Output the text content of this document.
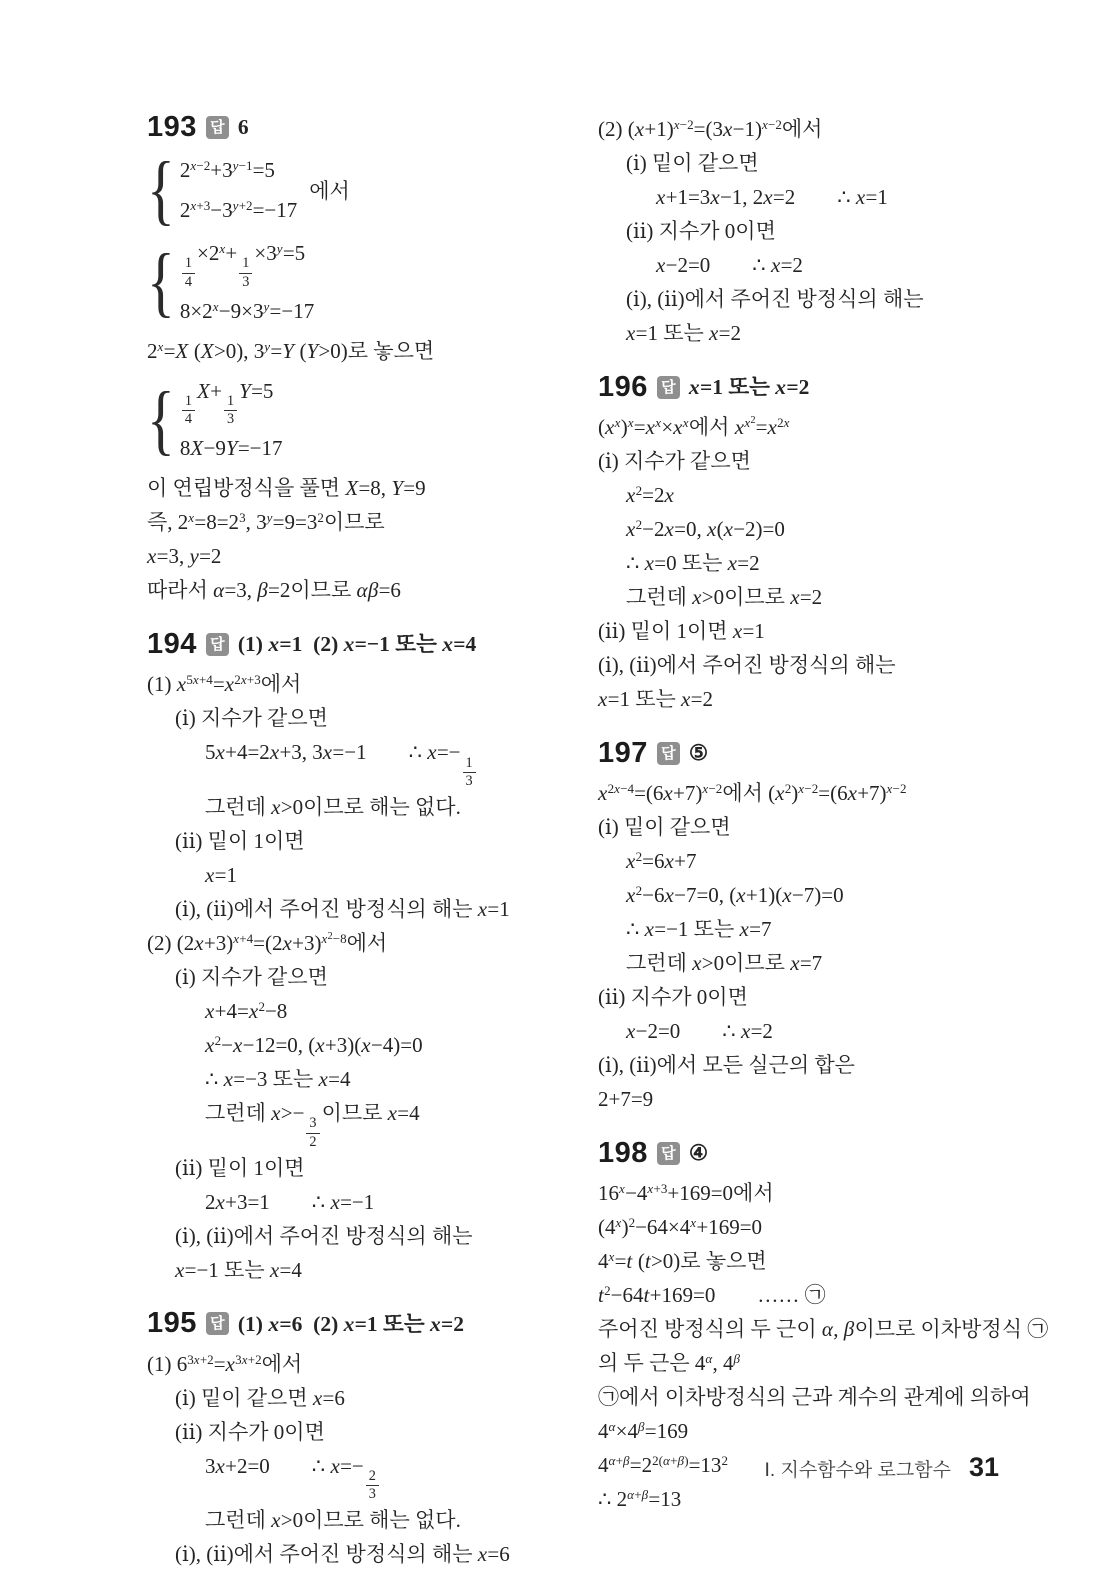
193 답 6
{ $2^{x-2}+3^{y-1}=5$
$2^{x+3}-3^{y+2}=-17$
에서
{ $\frac{1}{4}$
$\times 2^x+$
$\frac{1}{3}$
$\times 3^y=5$
$8\times 2^x-9\times 3^y=-17$
$2^x=X$ (X>0), $3^y=Y$ (Y>0)로 놓으면
{ $\frac{1}{4}$
X+
$\frac{1}{3}$
Y=5
8X−9Y=−17
이 연립방정식을 풀면 X=8, Y=9
즉, $2^x=8=2^3$, $3^y=9=3^2$이므로
x=3, y=2
따라서 α=3, β=2이므로 αβ=6
194 답 (1) x=1 (2) x=−1 또는 x=4
(1) $x^{5x+4}=x^{2x+3}$에서
(ⅰ) 지수가 같으면
5x+4=2x+3, 3x=−1  ∴ x=−
$\frac{1}{3}$
그런데 x>0이므로 해는 없다.
(ⅱ) 밑이 1이면
x=1
(ⅰ), (ⅱ)에서 주어진 방정식의 해는 x=1
(2) $(2x+3)^{x+4}=(2x+3)^{x^2-8}$에서
(ⅰ) 지수가 같으면
$x+4=x^2-8$
$x^2-x-12=0$, (x+3)(x−4)=0
∴ x=−3 또는 x=4
그런데 x>−
$\frac{3}{2}$
이므로 x=4
(ⅱ) 밑이 1이면
2x+3=1  ∴ x=−1
(ⅰ), (ⅱ)에서 주어진 방정식의 해는
x=−1 또는 x=4
195 답 (1) x=6 (2) x=1 또는 x=2
(1) $6^{3x+2}=x^{3x+2}$에서
(ⅰ) 밑이 같으면 x=6
(ⅱ) 지수가 0이면
3x+2=0  ∴ x=−
$\frac{2}{3}$
그런데 x>0이므로 해는 없다.
(ⅰ), (ⅱ)에서 주어진 방정식의 해는 x=6
(2) $(x+1)^{x-2}=(3x-1)^{x-2}$에서
(ⅰ) 밑이 같으면
x+1=3x−1, 2x=2  ∴ x=1
(ⅱ) 지수가 0이면
x−2=0  ∴ x=2
(ⅰ), (ⅱ)에서 주어진 방정식의 해는
x=1 또는 x=2
196 답 x=1 또는 x=2
$(x^x)^x=x^x\times x^x$에서 $x^{x^2}=x^{2x}$
(ⅰ) 지수가 같으면
$x^2=2x$
$x^2-2x=0$, x(x−2)=0
∴ x=0 또는 x=2
그런데 x>0이므로 x=2
(ⅱ) 밑이 1이면 x=1
(ⅰ), (ⅱ)에서 주어진 방정식의 해는
x=1 또는 x=2
197 답 ⑤
$x^{2x-4}=(6x+7)^{x-2}$에서 $(x^2)^{x-2}=(6x+7)^{x-2}$
(ⅰ) 밑이 같으면
$x^2=6x+7$
$x^2-6x-7=0$, (x+1)(x−7)=0
∴ x=−1 또는 x=7
그런데 x>0이므로 x=7
(ⅱ) 지수가 0이면
x−2=0  ∴ x=2
(ⅰ), (ⅱ)에서 모든 실근의 합은
2+7=9
198 답 ④
$16^x-4^{x+3}+169=0$에서
$(4^x)^2-64\times 4^x+169=0$
$4^x=t$ (t>0)로 놓으면
$t^2-64t+169=0$  …… ㉠
주어진 방정식의 두 근이 α, β이므로 이차방정식 ㉠
의 두 근은 $4^\alpha$, $4^\beta$
㉠에서 이차방정식의 근과 계수의 관계에 의하여
$4^\alpha\times 4^\beta=169$
$4^{\alpha+\beta}=2^{2(\alpha+\beta)}=13^2$
∴ $2^{\alpha+\beta}=13$
Ⅰ. 지수함수와 로그함수 31
